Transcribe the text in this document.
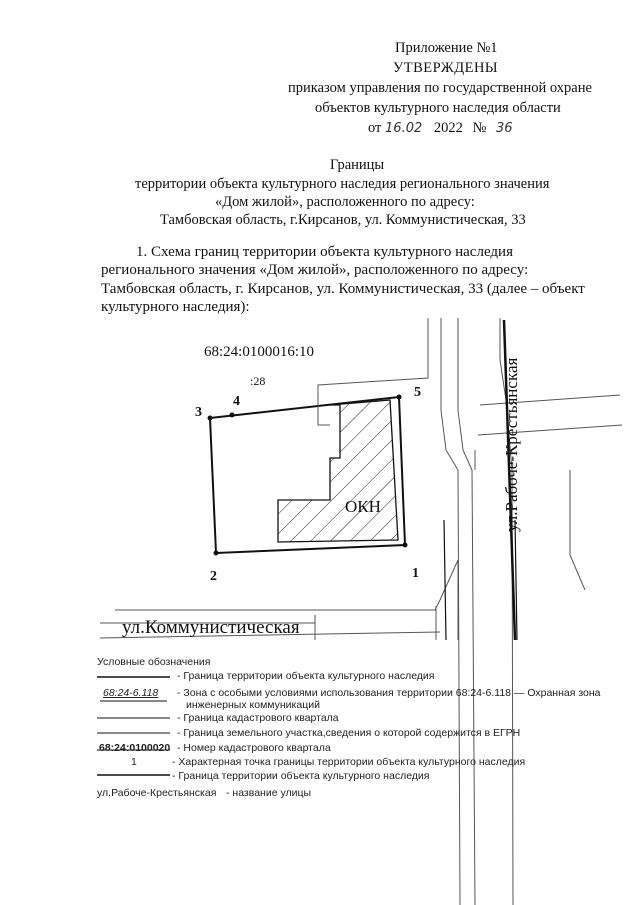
Приложение №1
УТВЕРЖДЕНЫ
приказом управления по государственной охране
объектов культурного наследия области
от 16.02 2022 № 36
Границы
территории объекта культурного наследия регионального значения
«Дом жилой», расположенного по адресу:
Тамбовская область, г.Кирсанов, ул. Коммунистическая, 33
1. Схема границ территории объекта культурного наследия
регионального значения «Дом жилой», расположенного по адресу:
Тамбовская область, г. Кирсанов, ул. Коммунистическая, 33 (далее – объект
культурного наследия):
1
2
3
4
5
68:24:0100016:10
:28
ОКН	ул.Рабоче-Крестьянская
ул.Коммунистическая
Условные обозначения
- Граница территории объекта культурного наследия
68:24-6.118 - Зона с особыми условиями использования территории 68:24-6.118 — Охранная зона
инженерных коммуникаций
- Граница кадастрового квартала
- Граница земельного участка,сведения о которой содержится в ЕГРН
68:24:0100020 - Номер кадастрового квартала
1	- Характерная точка границы территории объекта культурного наследия
- Граница территории объекта культурного наследия
ул.Рабоче-Крестьянская - название улицы
